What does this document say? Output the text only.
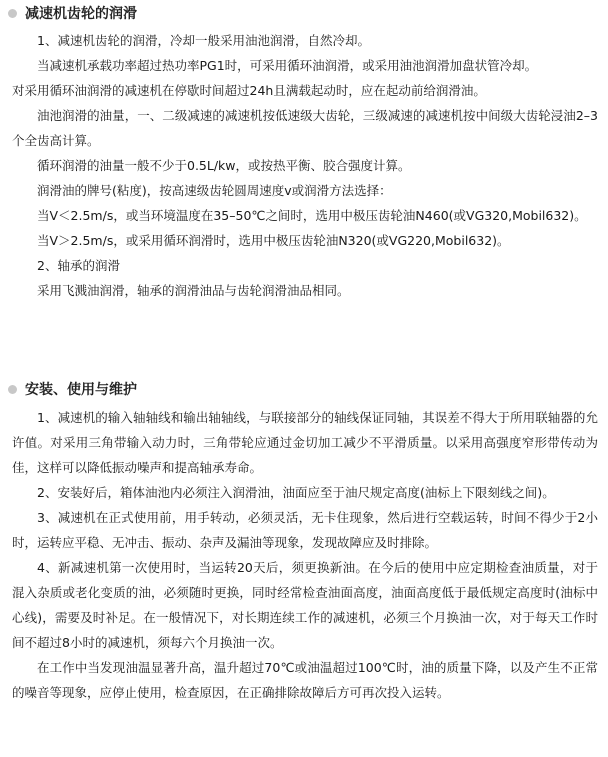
减速机齿轮的润滑
1、减速机齿轮的润滑，冷却一般采用油池润滑，自然冷却。
当减速机承载功率超过热功率PG1时，可采用循环油润滑，或采用油池润滑加盘状管冷却。
对采用循环油润滑的减速机在停歇时间超过24h且满载起动时，应在起动前给润滑油。
油池润滑的油量，一、二级减速的减速机按低速级大齿轮，三级减速的减速机按中间级大齿轮浸油2–3个全齿高计算。
循环润滑的油量一般不少于0.5L/kw，或按热平衡、胶合强度计算。
润滑油的牌号(粘度)，按高速级齿轮圆周速度v或润滑方法选择：
当V＜2.5m/s，或当环境温度在35–50℃之间时，选用中极压齿轮油N460(或VG320,Mobil632)。
当V＞2.5m/s，或采用循环润滑时，选用中极压齿轮油N320(或VG220,Mobil632)。
2、轴承的润滑
采用飞溅油润滑，轴承的润滑油品与齿轮润滑油品相同。
安装、使用与维护
1、减速机的输入轴轴线和输出轴轴线，与联接部分的轴线保证同轴，其误差不得大于所用联轴器的允许值。对采用三角带输入动力时，三角带轮应通过金切加工减少不平滑质量。以采用高强度窄形带传动为佳，这样可以降低振动噪声和提高轴承寿命。
2、安装好后，箱体油池内必须注入润滑油，油面应至于油尺规定高度(油标上下限刻线之间)。
3、减速机在正式使用前，用手转动，必须灵活，无卡住现象，然后进行空载运转，时间不得少于2小时，运转应平稳、无冲击、振动、杂声及漏油等现象，发现故障应及时排除。
4、新减速机第一次使用时，当运转20天后，须更换新油。在今后的使用中应定期检查油质量，对于混入杂质或老化变质的油，必须随时更换，同时经常检查油面高度，油面高度低于最低规定高度时(油标中心线)，需要及时补足。在一般情况下，对长期连续工作的减速机，必须三个月换油一次，对于每天工作时间不超过8小时的减速机，须每六个月换油一次。
在工作中当发现油温显著升高，温升超过70℃或油温超过100℃时，油的质量下降，以及产生不正常的噪音等现象，应停止使用，检查原因，在正确排除故障后方可再次投入运转。
